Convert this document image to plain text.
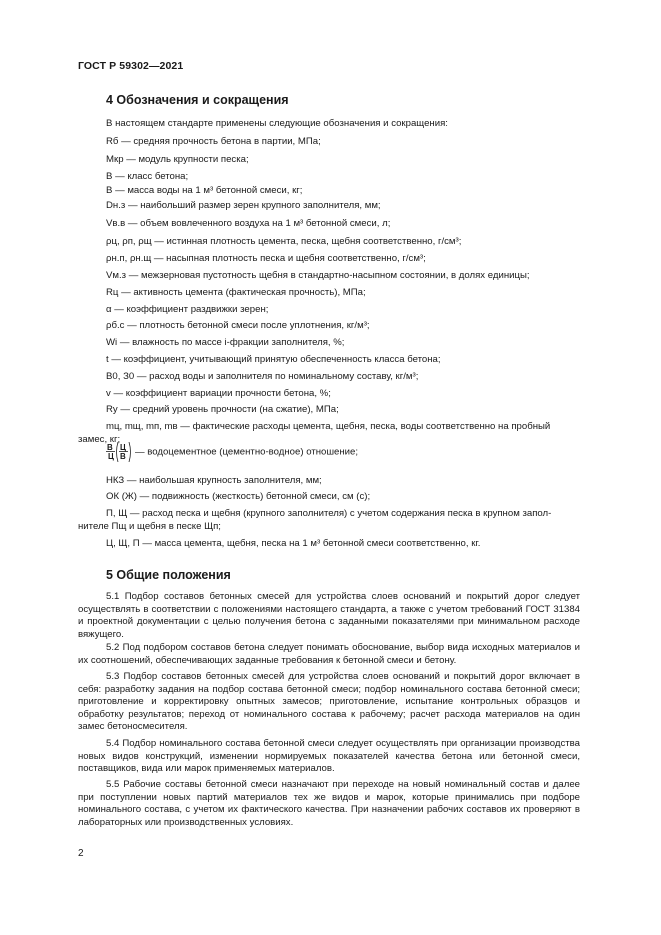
ГОСТ Р 59302—2021
4 Обозначения и сокращения
В настоящем стандарте применены следующие обозначения и сокращения:
Rб — средняя прочность бетона в партии, МПа;
Мкр — модуль крупности песка;
B — класс бетона;
В — масса воды на 1 м³ бетонной смеси, кг;
Dн.з — наибольший размер зерен крупного заполнителя, мм;
Vв.в — объем вовлеченного воздуха на 1 м³ бетонной смеси, л;
ρц, ρп, ρщ — истинная плотность цемента, песка, щебня соответственно, г/см³;
ρн.п, ρн.щ — насыпная плотность песка и щебня соответственно, г/см³;
Vм.з — межзерновая пустотность щебня в стандартно-насыпном состоянии, в долях единицы;
Rц — активность цемента (фактическая прочность), МПа;
α — коэффициент раздвижки зерен;
ρб.с — плотность бетонной смеси после уплотнения, кг/м³;
Wi — влажность по массе i-фракции заполнителя, %;
t — коэффициент, учитывающий принятую обеспеченность класса бетона;
В0, З0 — расход воды и заполнителя по номинальному составу, кг/м³;
v — коэффициент вариации прочности бетона, %;
Ry — средний уровень прочности (на сжатие), МПа;
mц, mщ, mп, mв — фактические расходы цемента, щебня, песка, воды соответственно на пробный
замес, кг;
В
Ц
Ц
В — водоцементное (цементно-водное) отношение;
НКЗ — наибольшая крупность заполнителя, мм;
ОК (Ж) — подвижность (жесткость) бетонной смеси, см (с);
П, Щ — расход песка и щебня (крупного заполнителя) с учетом содержания песка в крупном запол-
нителе Пщ и щебня в песке Щп;
Ц, Щ, П — масса цемента, щебня, песка на 1 м³ бетонной смеси соответственно, кг.
5 Общие положения
5.1 Подбор составов бетонных смесей для устройства слоев оснований и покрытий дорог следует осуществлять в соответствии с положениями настоящего стандарта, а также с учетом требований ГОСТ 31384 и проектной документации с целью получения бетона с заданными показателями при минимальном расходе вяжущего.
5.2 Под подбором составов бетона следует понимать обоснование, выбор вида исходных материалов и их соотношений, обеспечивающих заданные требования к бетонной смеси и бетону.
5.3 Подбор составов бетонных смесей для устройства слоев оснований и покрытий дорог включает в себя: разработку задания на подбор состава бетонной смеси; подбор номинального состава бетонной смеси; приготовление и корректировку опытных замесов; приготовление, испытание контрольных образцов и обработку результатов; переход от номинального состава к рабочему; расчет расхода материалов на один замес бетоносмесителя.
5.4 Подбор номинального состава бетонной смеси следует осуществлять при организации производства новых видов конструкций, изменении нормируемых показателей качества бетона или бетонной смеси, поставщиков, вида или марок применяемых материалов.
5.5 Рабочие составы бетонной смеси назначают при переходе на новый номинальный состав и далее при поступлении новых партий материалов тех же видов и марок, которые принимались при подборе номинального состава, с учетом их фактического качества. При назначении рабочих составов их проверяют в лабораторных или производственных условиях.
2
